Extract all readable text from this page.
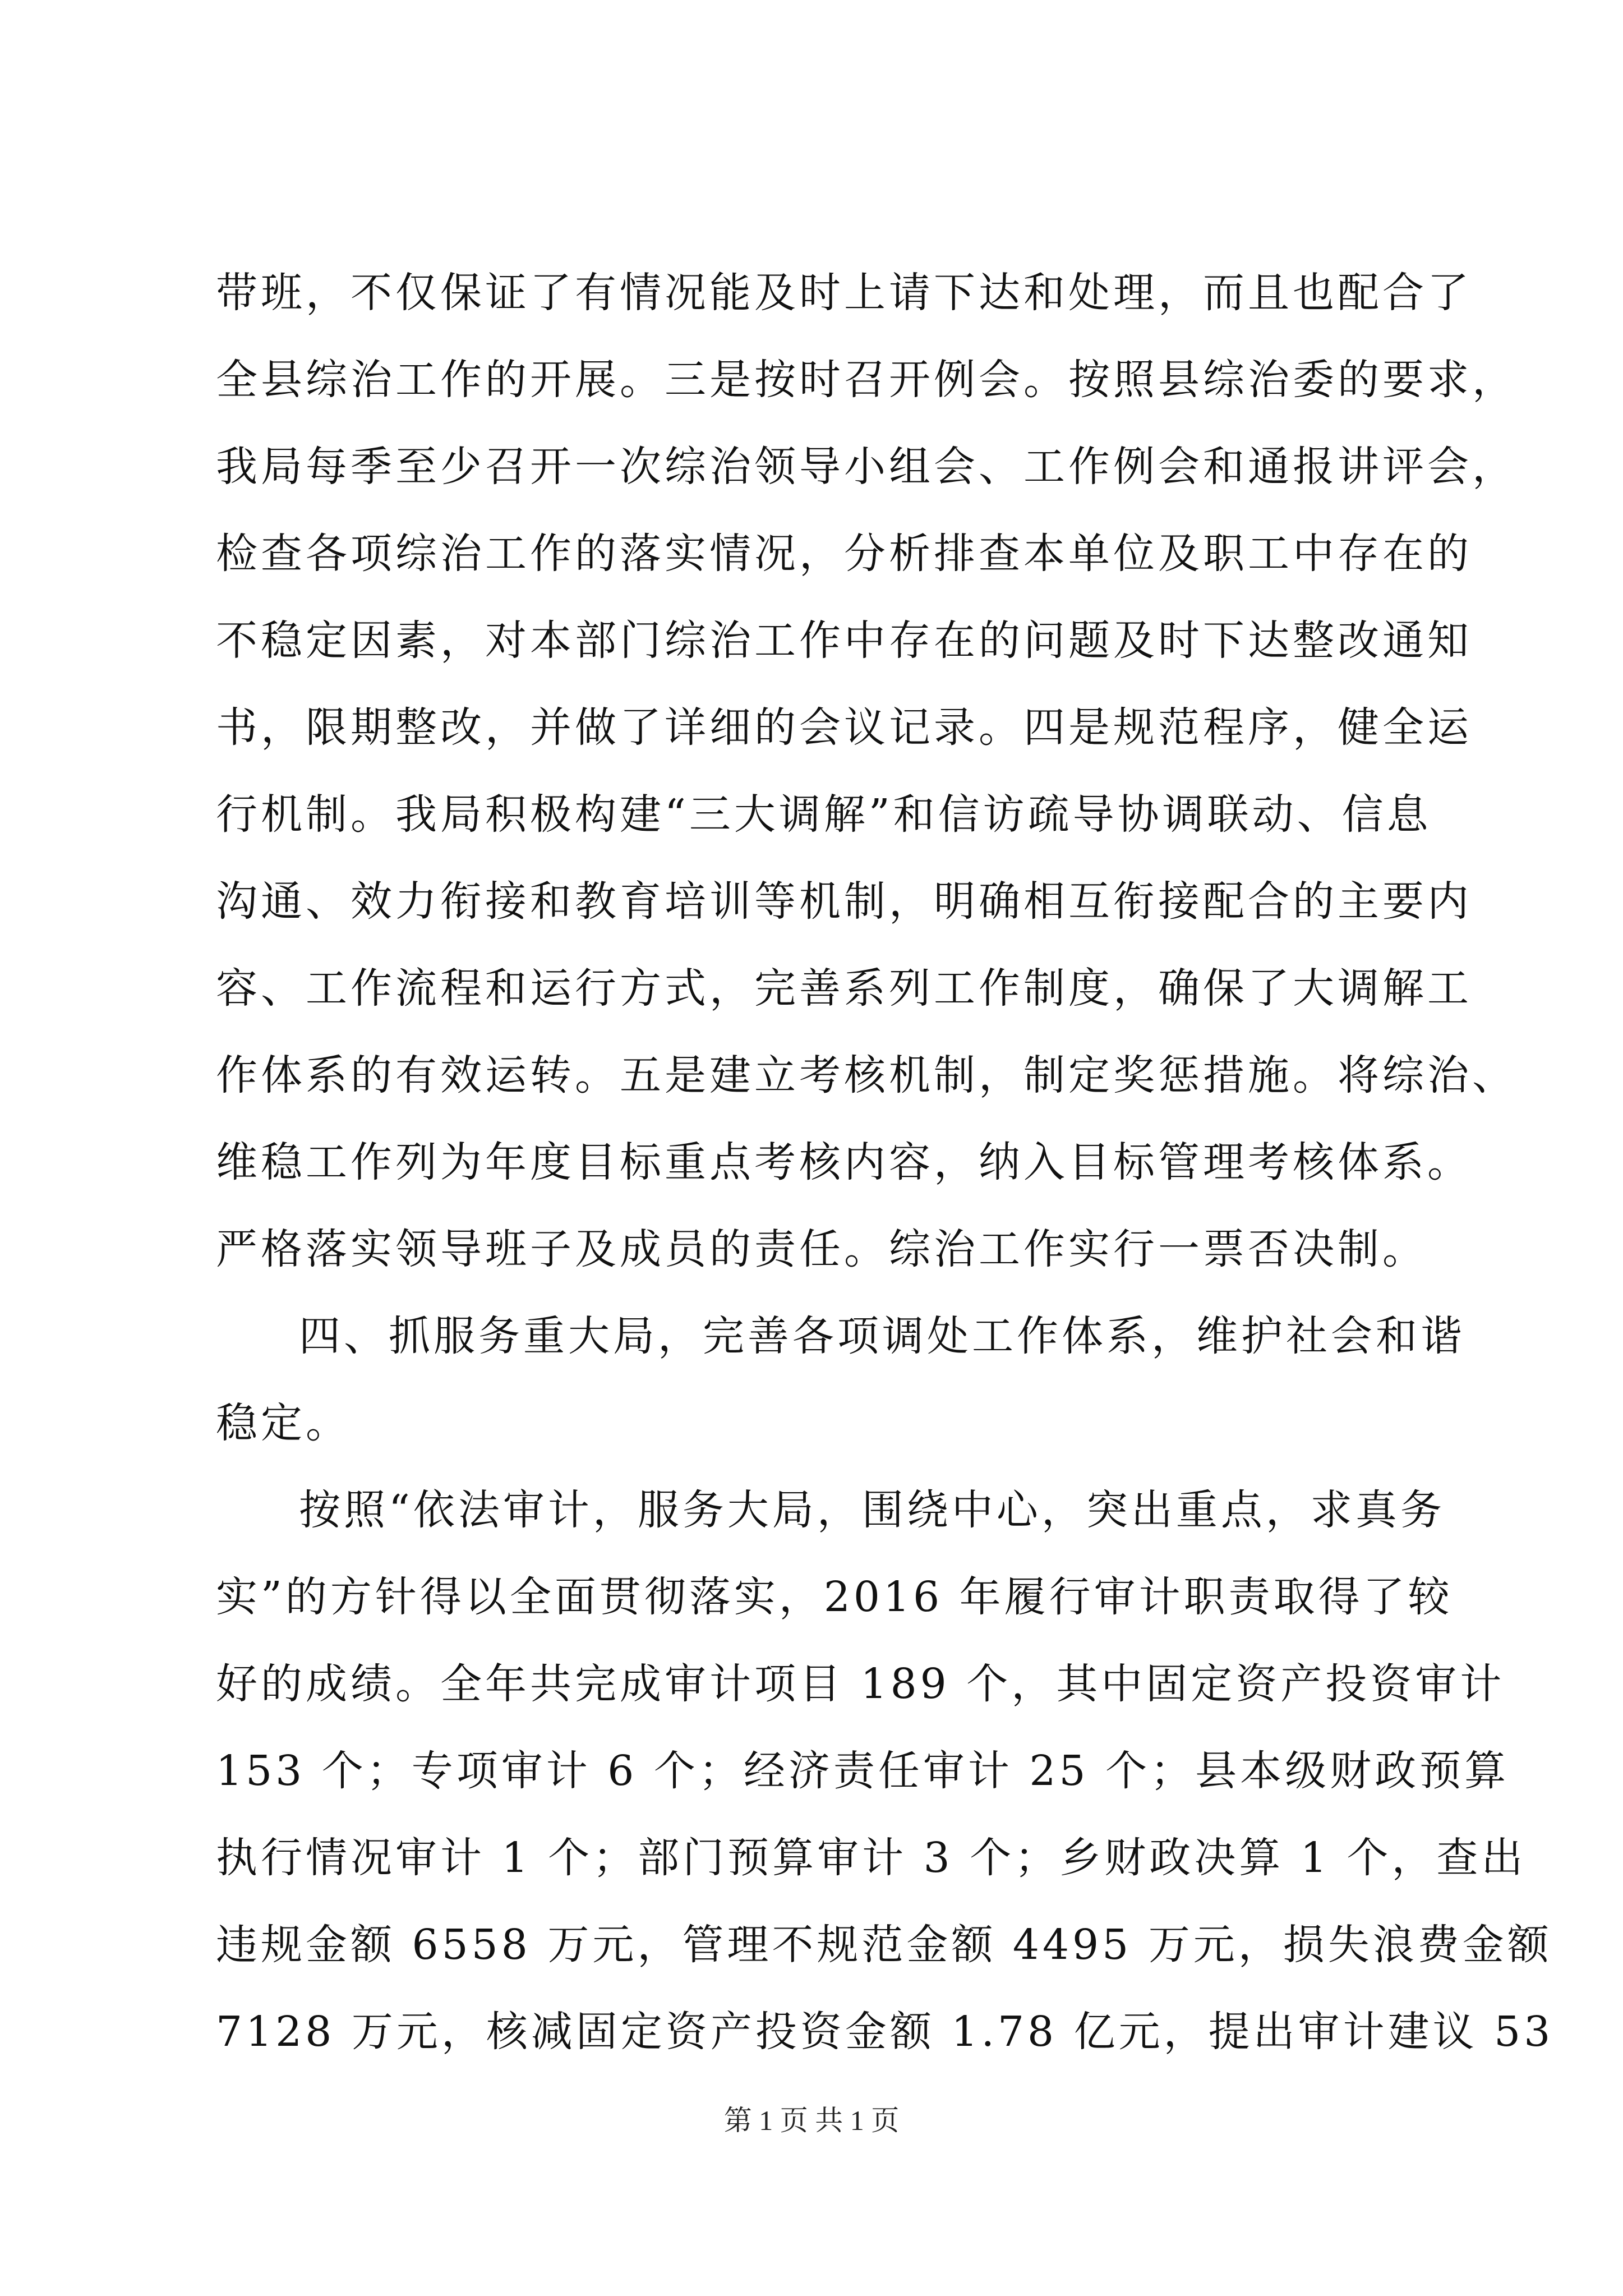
带班，不仅保证了有情况能及时上请下达和处理，而且也配合了
全县综治工作的开展。三是按时召开例会。按照县综治委的要求，
我局每季至少召开一次综治领导小组会、工作例会和通报讲评会，
检查各项综治工作的落实情况，分析排查本单位及职工中存在的
不稳定因素，对本部门综治工作中存在的问题及时下达整改通知
书，限期整改，并做了详细的会议记录。四是规范程序，健全运
行机制。我局积极构建“三大调解”和信访疏导协调联动、信息
沟通、效力衔接和教育培训等机制，明确相互衔接配合的主要内
容、工作流程和运行方式，完善系列工作制度，确保了大调解工
作体系的有效运转。五是建立考核机制，制定奖惩措施。将综治、
维稳工作列为年度目标重点考核内容，纳入目标管理考核体系。
严格落实领导班子及成员的责任。综治工作实行一票否决制。
四、抓服务重大局，完善各项调处工作体系，维护社会和谐
稳定。
按照“依法审计，服务大局，围绕中心，突出重点，求真务
实”的方针得以全面贯彻落实，2016 年履行审计职责取得了较
好的成绩。全年共完成审计项目 189 个，其中固定资产投资审计
153 个；专项审计 6 个；经济责任审计 25 个；县本级财政预算
执行情况审计 1 个；部门预算审计 3 个；乡财政决算 1 个，查出
违规金额 6558 万元，管理不规范金额 4495 万元，损失浪费金额
7128 万元，核减固定资产投资金额 1.78 亿元，提出审计建议 53
第 1 页 共 1 页
